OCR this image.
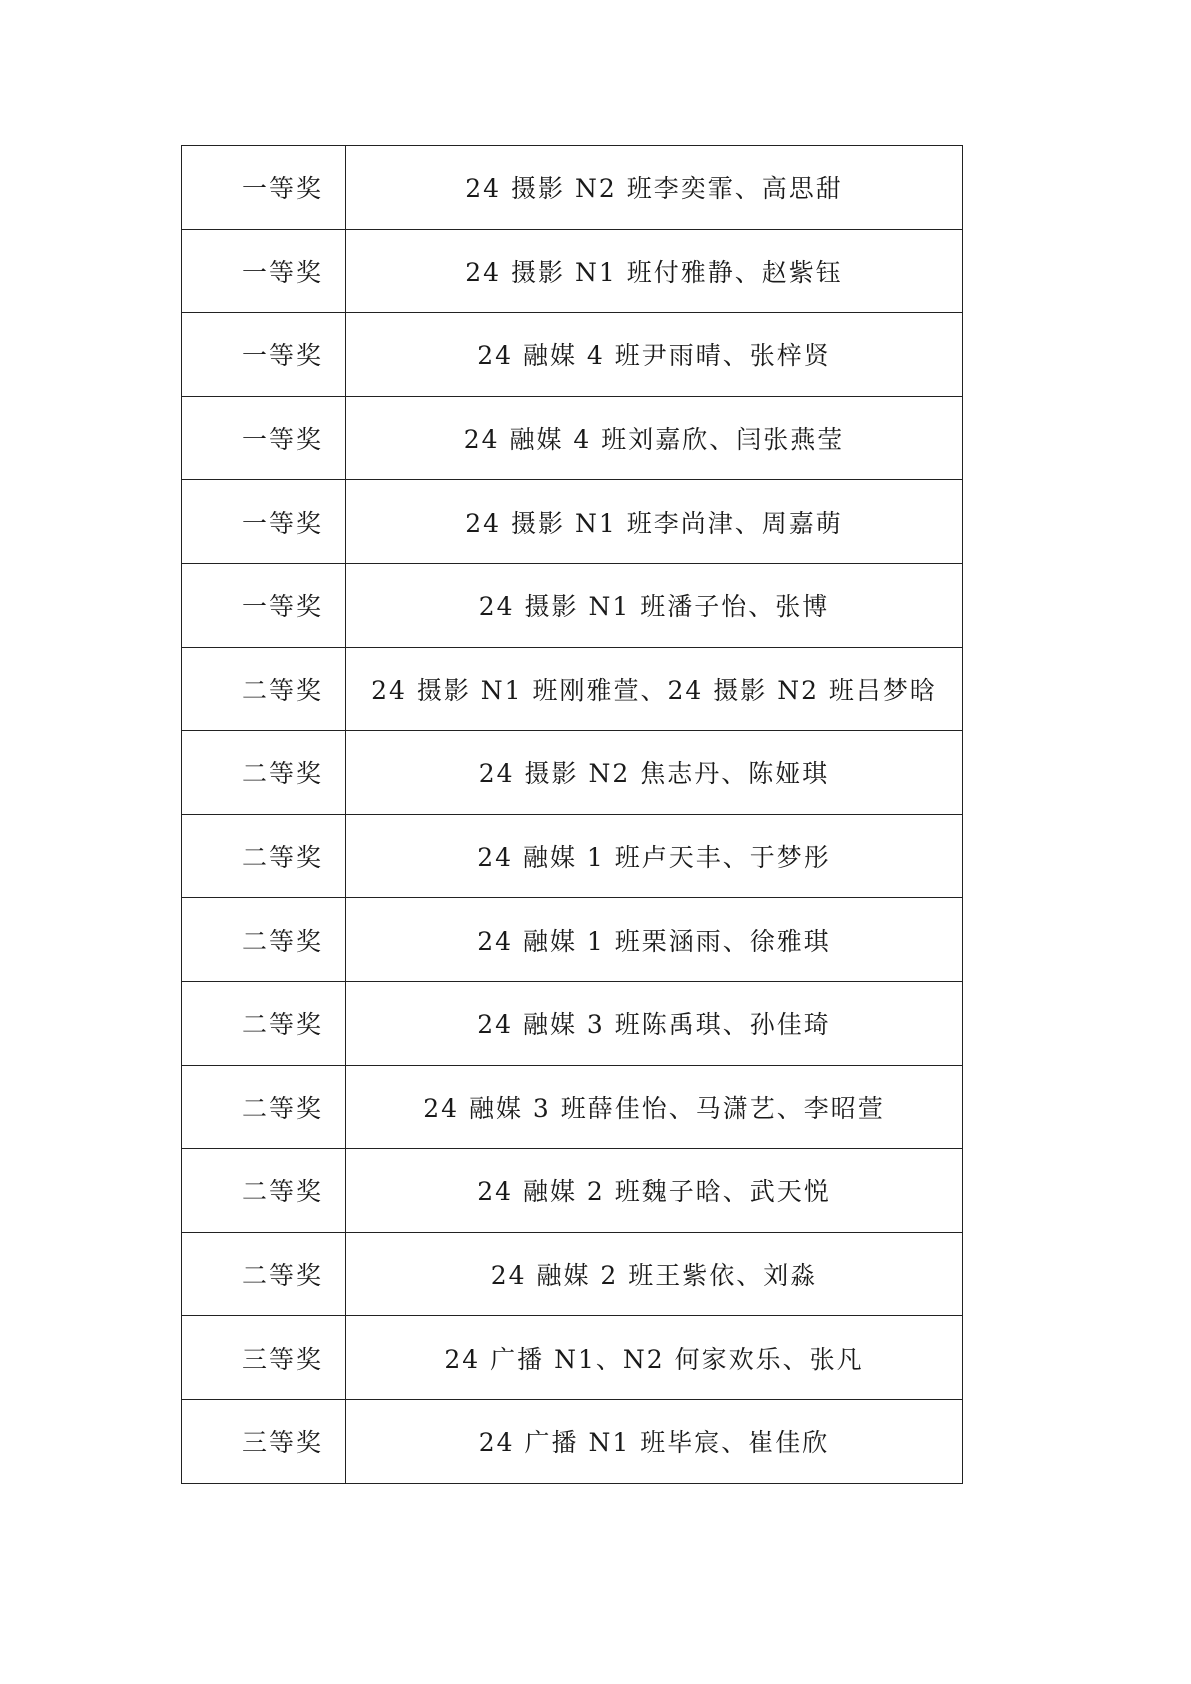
一等奖	24 摄影 N2 班李奕霏、高思甜
一等奖	24 摄影 N1 班付雅静、赵紫钰
一等奖	24 融媒 4 班尹雨晴、张梓贤
一等奖	24 融媒 4 班刘嘉欣、闫张燕莹
一等奖	24 摄影 N1 班李尚津、周嘉萌
一等奖	24 摄影 N1 班潘子怡、张博
二等奖	24 摄影 N1 班刚雅萱、24 摄影 N2 班吕梦晗
二等奖	24 摄影 N2 焦志丹、陈娅琪
二等奖	24 融媒 1 班卢天丰、于梦彤
二等奖	24 融媒 1 班栗涵雨、徐雅琪
二等奖	24 融媒 3 班陈禹琪、孙佳琦
二等奖	24 融媒 3 班薛佳怡、马潇艺、李昭萱
二等奖	24 融媒 2 班魏子晗、武天悦
二等奖	24 融媒 2 班王紫依、刘淼
三等奖	24 广播 N1、N2 何家欢乐、张凡
三等奖	24 广播 N1 班毕宸、崔佳欣
